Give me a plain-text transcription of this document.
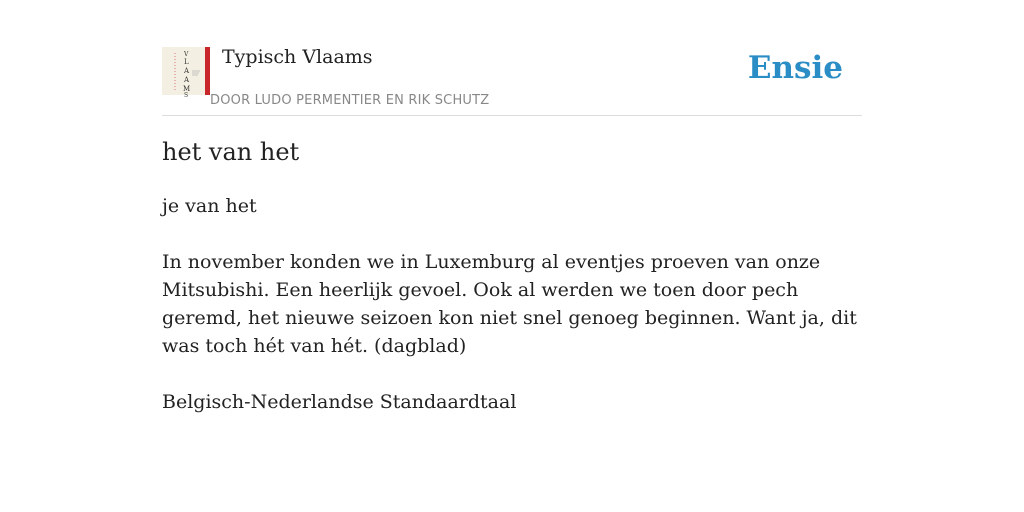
V
L
A
A
M
S
Typisch Vlaams
DOOR LUDO PERMENTIER EN RIK SCHUTZ
Ensie
het van het

je van het

In november konden we in Luxemburg al eventjes proeven van onze Mitsubishi. Een heerlijk gevoel. Ook al werden we toen door pech geremd, het nieuwe seizoen kon niet snel genoeg beginnen. Want ja, dit was toch hét van hét. (dagblad)

Belgisch-Nederlandse Standaardtaal
